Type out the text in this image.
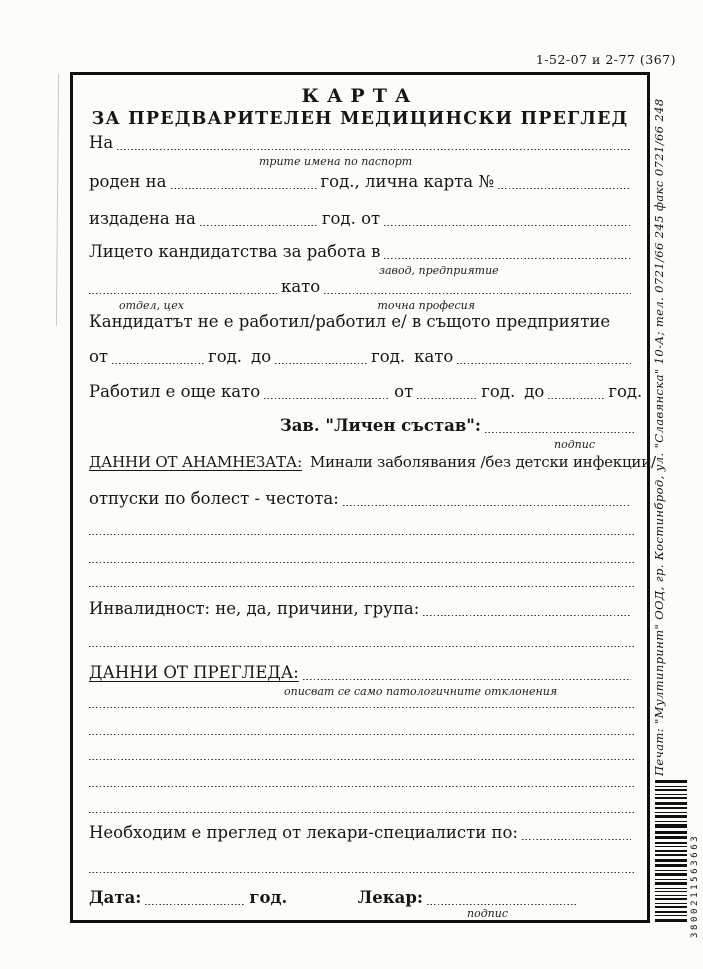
1-52-07 и 2-77 (367)
КАРТА
ЗА ПРЕДВАРИТЕЛЕН МЕДИЦИНСКИ ПРЕГЛЕД
На
трите имена по паспорт
роден на	год., лична карта №
издадена на	год. от
Лицето кандидатства за работа в
завод, предприятие
като
отдел, цех	точна професия
Кандидатът не е работил/работил е/ в същото предприятие
от	год. до	год. като
Работил е още като	от	год. до	год.
Зав. "Личен състав":
подпис
ДАННИ ОТ АНАМНЕЗАТА: Минали заболявания /без детски инфекции/
отпуски по болест - честота:
Инвалидност: не, да, причини, група:
ДАННИ ОТ ПРЕГЛЕДА:
описват се само патологичните отклонения
Необходим е преглед от лекари-специалисти по:
Дата:	год.	Лекар:
подпис
Печат: "Мултипринт" ООД, гр. Костинброд, ул. "Славянска" 10-А; тел. 0721/66 245 факс 0721/66 248
3800211563663
